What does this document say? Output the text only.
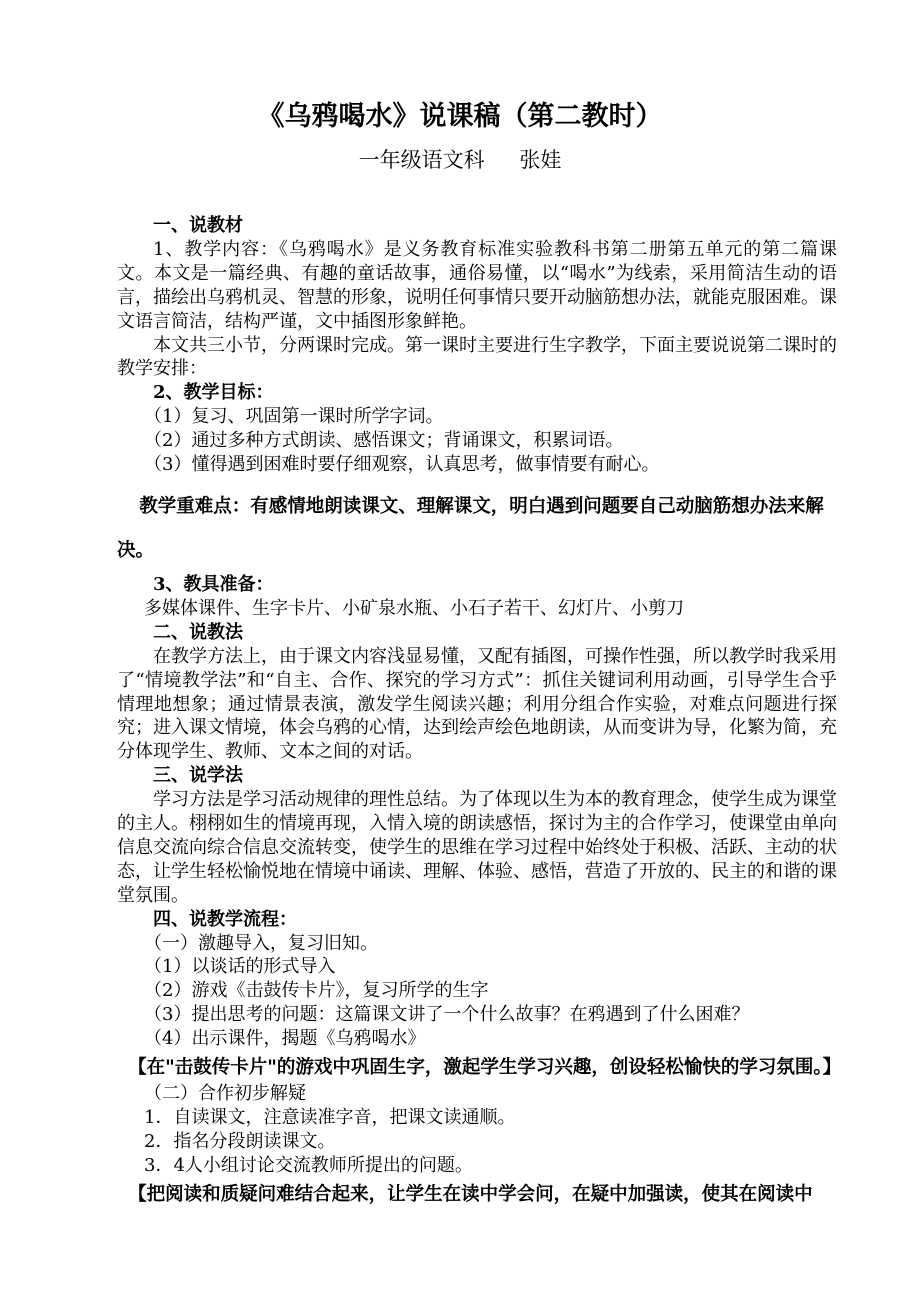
《乌鸦喝水》说课稿（第二教时）
一年级语文科 张娃

一、说教材

1、教学内容：《乌鸦喝水》是义务教育标准实验教科书第二册第五单元的第二篇课文。本文是一篇经典、有趣的童话故事，通俗易懂，以“喝水”为线索，采用简洁生动的语言，描绘出乌鸦机灵、智慧的形象，说明任何事情只要开动脑筋想办法，就能克服困难。课文语言简洁，结构严谨，文中插图形象鲜艳。

本文共三小节，分两课时完成。第一课时主要进行生字教学，下面主要说说第二课时的教学安排：

2、教学目标：

（1）复习、巩固第一课时所学字词。

（2）通过多种方式朗读、感悟课文；背诵课文，积累词语。

（3）懂得遇到困难时要仔细观察，认真思考，做事情要有耐心。

教学重难点：有感情地朗读课文、理解课文，明白遇到问题要自己动脑筋想办法来解决。

3、教具准备：

多媒体课件、生字卡片、小矿泉水瓶、小石子若干、幻灯片、小剪刀

二、说教法

在教学方法上，由于课文内容浅显易懂，又配有插图，可操作性强，所以教学时我采用了“情境教学法”和“自主、合作、探究的学习方式”：抓住关键词利用动画，引导学生合乎情理地想象；通过情景表演，激发学生阅读兴趣；利用分组合作实验，对难点问题进行探究；进入课文情境，体会乌鸦的心情，达到绘声绘色地朗读，从而变讲为导，化繁为简，充分体现学生、教师、文本之间的对话。

三、说学法

学习方法是学习活动规律的理性总结。为了体现以生为本的教育理念，使学生成为课堂的主人。栩栩如生的情境再现，入情入境的朗读感悟，探讨为主的合作学习，使课堂由单向信息交流向综合信息交流转变，使学生的思维在学习过程中始终处于积极、活跃、主动的状态，让学生轻松愉悦地在情境中诵读、理解、体验、感悟，营造了开放的、民主的和谐的课堂氛围。

四、说教学流程：

（一）激趣导入，复习旧知。

（1）以谈话的形式导入

（2）游戏《击鼓传卡片》，复习所学的生字

（3）提出思考的问题：这篇课文讲了一个什么故事？在鸦遇到了什么困难？

（4）出示课件，揭题《乌鸦喝水》

【在"击鼓传卡片"的游戏中巩固生字，激起学生学习兴趣，创设轻松愉快的学习氛围。】

（二）合作初步解疑

1．自读课文，注意读准字音，把课文读通顺。

2．指名分段朗读课文。

3．4人小组讨论交流教师所提出的问题。

【把阅读和质疑问难结合起来，让学生在读中学会问，在疑中加强读，使其在阅读中
